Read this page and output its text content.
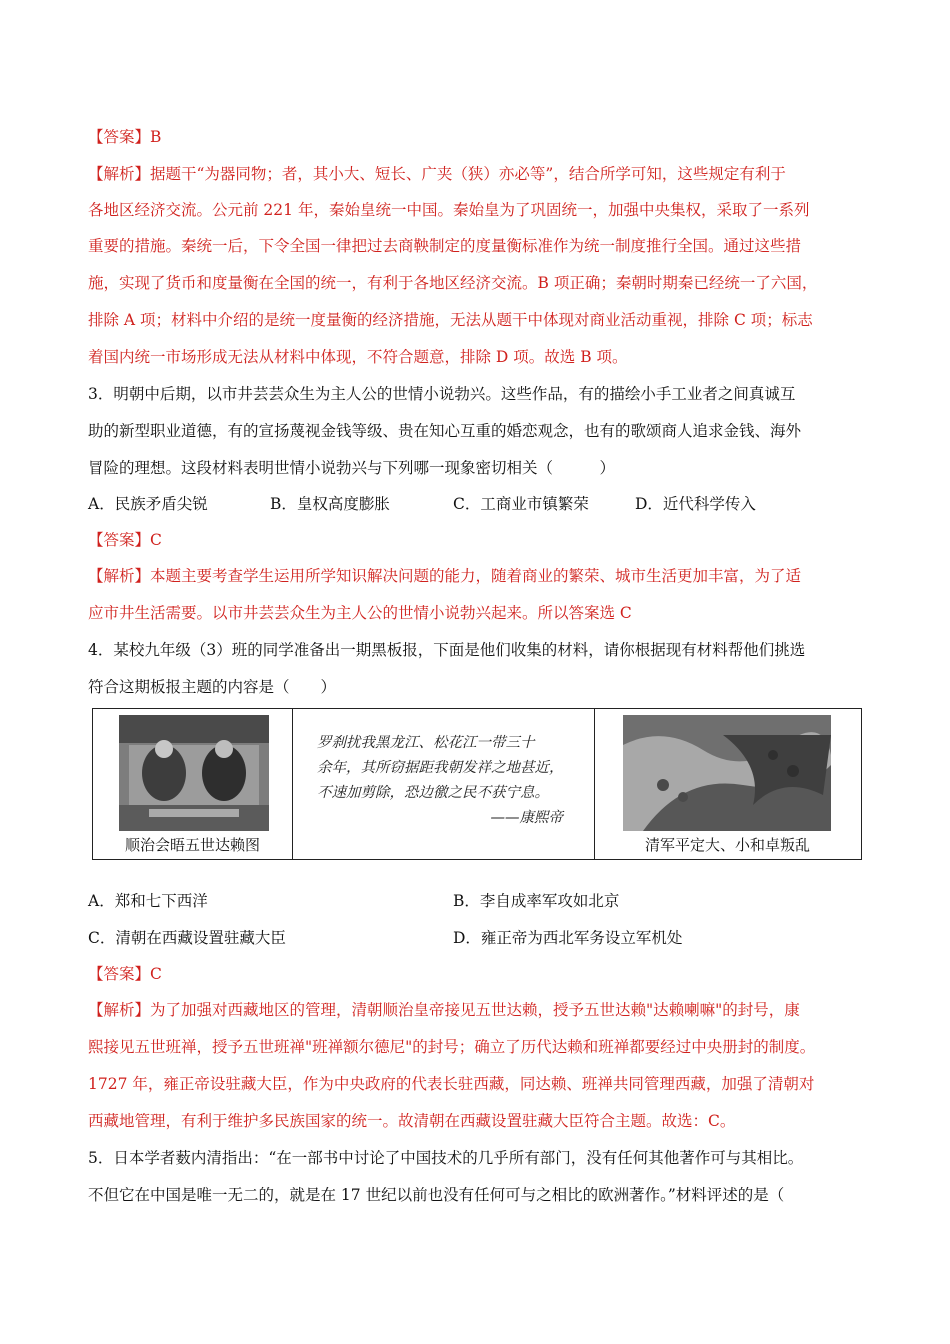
【答案】B
【解析】据题干“为器同物；者，其小大、短长、广夹（狭）亦必等”，结合所学可知，这些规定有利于
各地区经济交流。公元前 221 年，秦始皇统一中国。秦始皇为了巩固统一，加强中央集权，采取了一系列
重要的措施。秦统一后，下令全国一律把过去商鞅制定的度量衡标准作为统一制度推行全国。通过这些措
施，实现了货币和度量衡在全国的统一，有利于各地区经济交流。B 项正确；秦朝时期秦已经统一了六国，
排除 A 项；材料中介绍的是统一度量衡的经济措施，无法从题干中体现对商业活动重视，排除 C 项；标志
着国内统一市场形成无法从材料中体现，不符合题意，排除 D 项。故选 B 项。
3．明朝中后期，以市井芸芸众生为主人公的世情小说勃兴。这些作品，有的描绘小手工业者之间真诚互
助的新型职业道德，有的宣扬蔑视金钱等级、贵在知心互重的婚恋观念，也有的歌颂商人追求金钱、海外
冒险的理想。这段材料表明世情小说勃兴与下列哪一现象密切相关（　　　）
A．民族矛盾尖锐	B．皇权高度膨胀	C．工商业市镇繁荣	D．近代科学传入
【答案】C
【解析】本题主要考查学生运用所学知识解决问题的能力，随着商业的繁荣、城市生活更加丰富，为了适
应市井生活需要。以市井芸芸众生为主人公的世情小说勃兴起来。所以答案选 C
4．某校九年级（3）班的同学准备出一期黑板报，下面是他们收集的材料，请你根据现有材料帮他们挑选
符合这期板报主题的内容是（　　）
顺治会晤五世达赖图
罗刹扰我黑龙江、松花江一带三十
余年，其所窃据距我朝发祥之地甚近，
不速加剪除，恐边徼之民不获宁息。
——康熙帝
清军平定大、小和卓叛乱
A．郑和七下西洋	B．李自成率军攻如北京
C．清朝在西藏设置驻藏大臣	D．雍正帝为西北军务设立军机处
【答案】C
【解析】为了加强对西藏地区的管理，清朝顺治皇帝接见五世达赖，授予五世达赖"达赖喇嘛"的封号，康
熙接见五世班禅，授予五世班禅"班禅额尔德尼"的封号；确立了历代达赖和班禅都要经过中央册封的制度。
1727 年，雍正帝设驻藏大臣，作为中央政府的代表长驻西藏，同达赖、班禅共同管理西藏，加强了清朝对
西藏地管理，有利于维护多民族国家的统一。故清朝在西藏设置驻藏大臣符合主题。故选：C。
5．日本学者薮内清指出：“在一部书中讨论了中国技术的几乎所有部门，没有任何其他著作可与其相比。
不但它在中国是唯一无二的，就是在 17 世纪以前也没有任何可与之相比的欧洲著作。”材料评述的是（
